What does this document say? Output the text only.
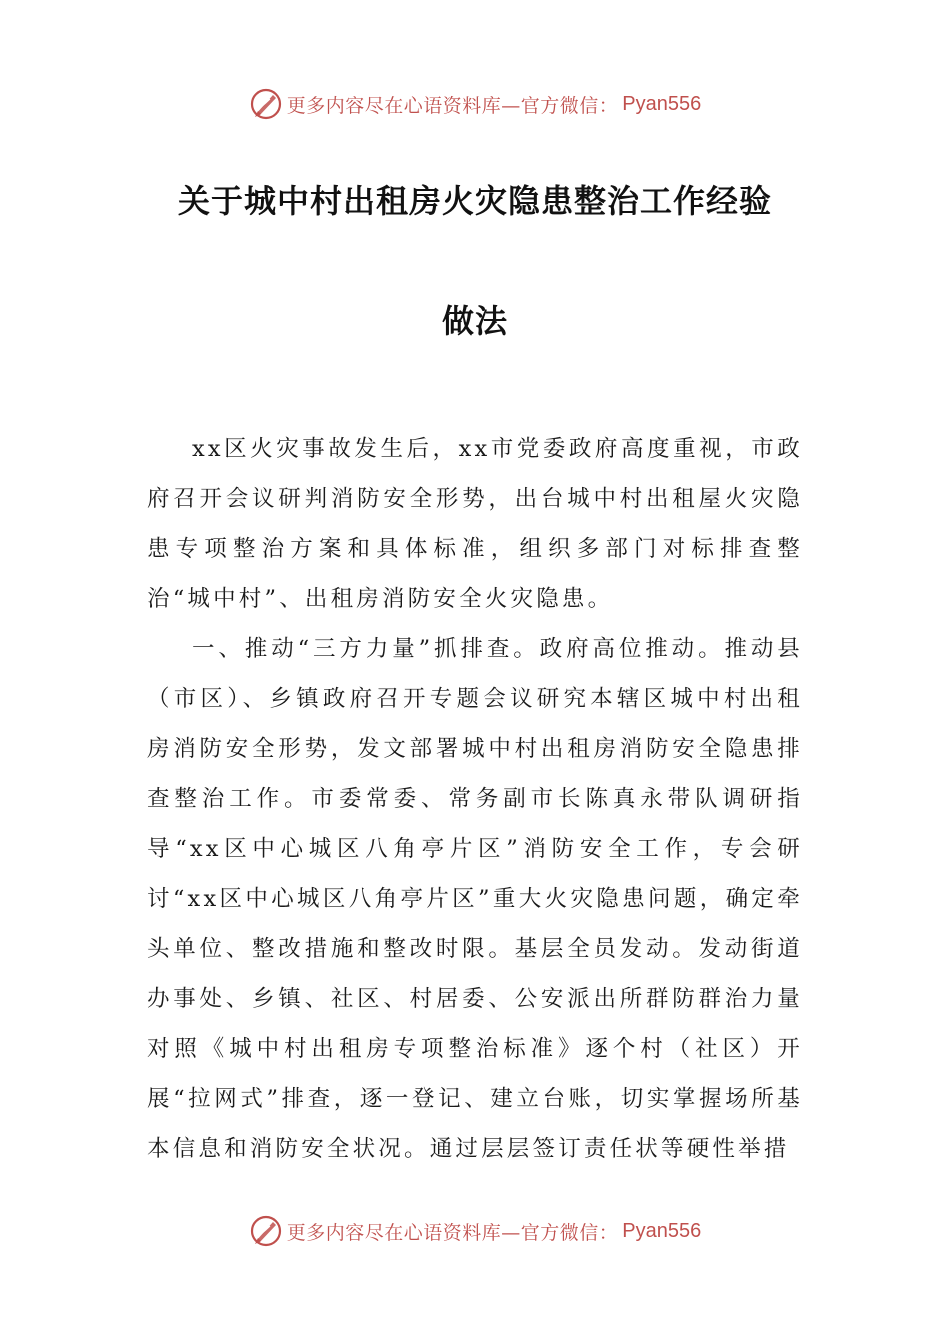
更多内容尽在心语资料库—官方微信： Pyan556
关于城中村出租房火灾隐患整治工作经验
做法

xx区火灾事故发生后，xx市党委政府高度重视，市政府召开会议研判消防安全形势，出台城中村出租屋火灾隐患专项整治方案和具体标准，组织多部门对标排查整治“城中村”、出租房消防安全火灾隐患。

一、推动“三方力量”抓排查。政府高位推动。推动县（市区）、乡镇政府召开专题会议研究本辖区城中村出租房消防安全形势，发文部署城中村出租房消防安全隐患排查整治工作。市委常委、常务副市长陈真永带队调研指导“xx区中心城区八角亭片区”消防安全工作，专会研讨“xx区中心城区八角亭片区”重大火灾隐患问题，确定牵头单位、整改措施和整改时限。基层全员发动。发动街道办事处、乡镇、社区、村居委、公安派出所群防群治力量对照《城中村出租房专项整治标准》逐个村（社区）开展“拉网式”排查，逐一登记、建立台账，切实掌握场所基本信息和消防安全状况。通过层层签订责任状等硬性举措

更多内容尽在心语资料库—官方微信： Pyan556
